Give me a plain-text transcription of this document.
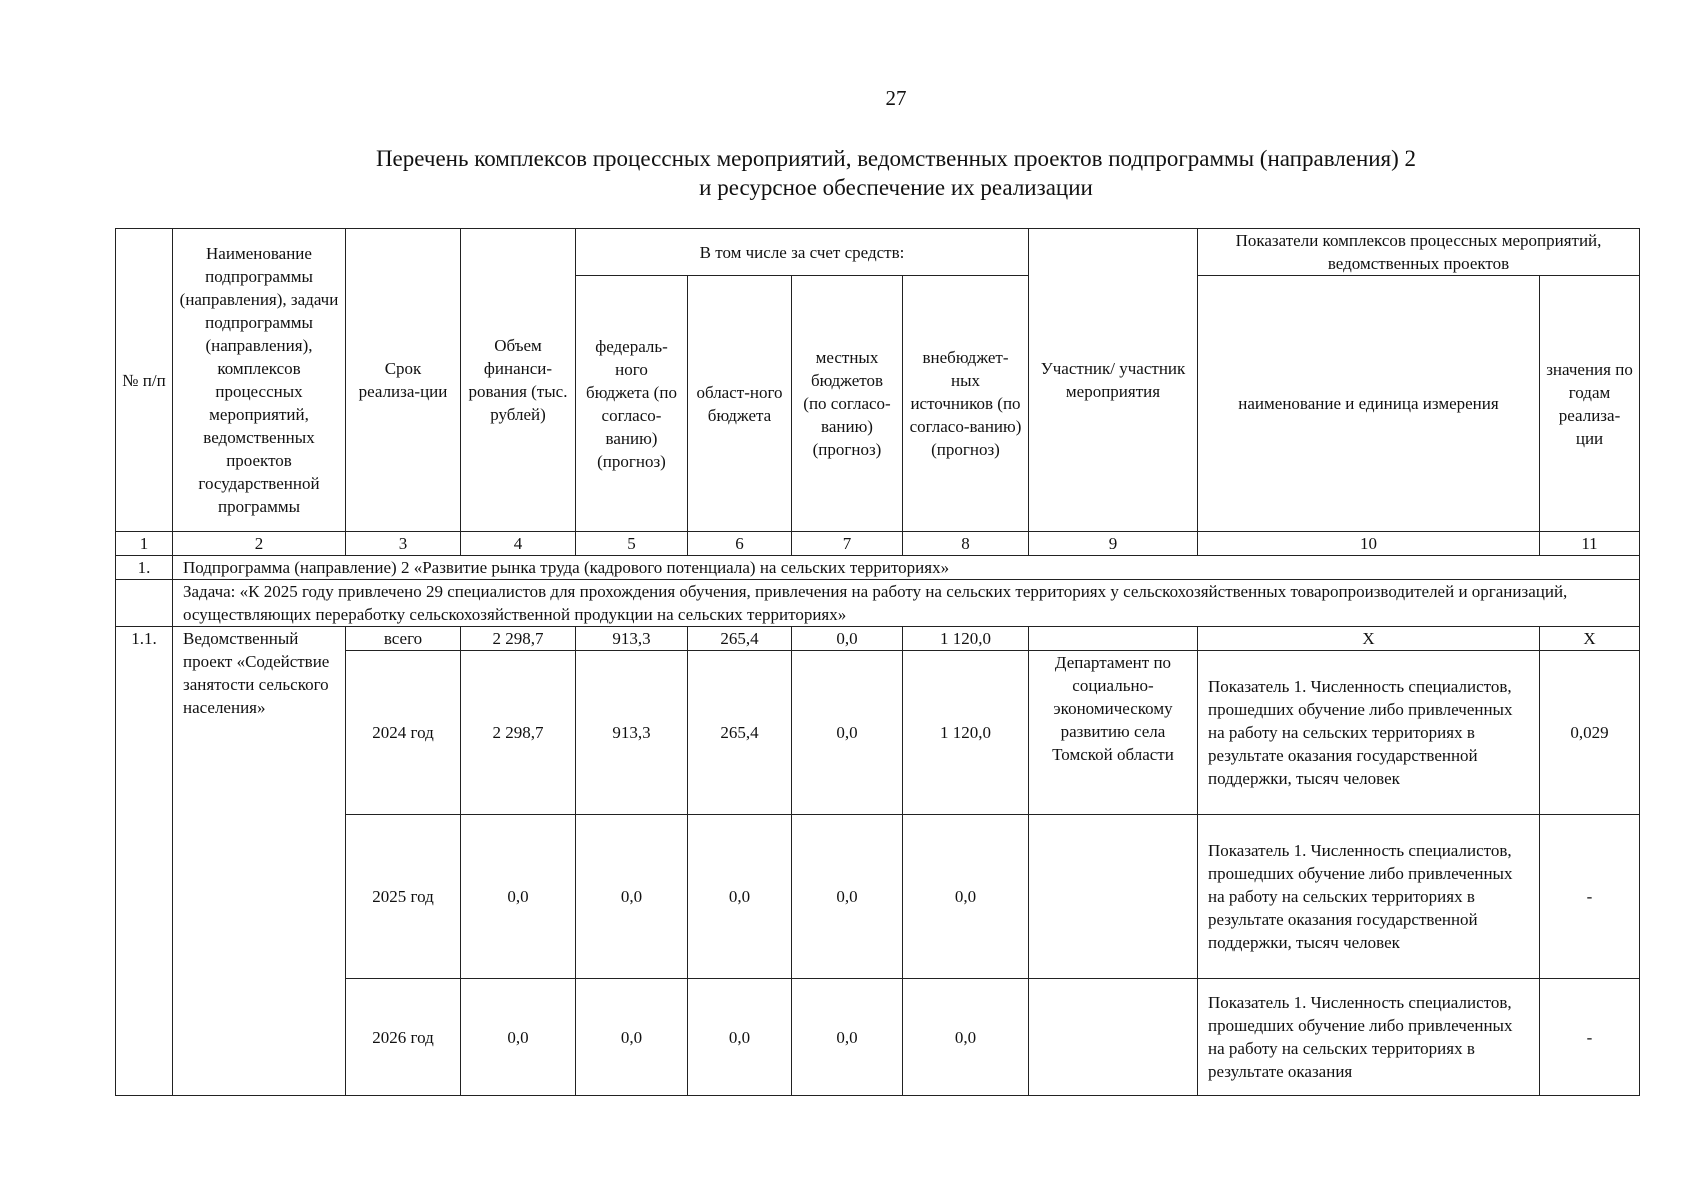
27
Перечень комплексов процессных мероприятий, ведомственных проектов подпрограммы (направления) 2
и ресурсное обеспечение их реализации
№ п/п	Наименование подпрограммы (направления), задачи подпрограммы (направления), комплексов процессных мероприятий, ведомственных проектов государственной программы	Срок реализа-ции	Объем финанси-рования (тыс. рублей)	В том числе за счет средств:				Участник/ участник мероприятия	Показатели комплексов процессных мероприятий, ведомственных проектов	
				федераль-ного бюджета (по согласо-ванию) (прогноз)	област-ного бюджета	местных бюджетов (по согласо-ванию) (прогноз)	внебюджет-ных источников (по согласо-ванию) (прогноз)		наименование и единица измерения	значения по годам реализа-ции
1	2	3	4	5	6	7	8	9	10	11
1.	Подпрограмма (направление) 2 «Развитие рынка труда (кадрового потенциала) на сельских территориях»									
	Задача: «К 2025 году привлечено 29 специалистов для прохождения обучения, привлечения на работу на сельских территориях у сельскохозяйственных товаропроизводителей и организаций, осуществляющих переработку сельскохозяйственной продукции на сельских территориях»									
1.1.	Ведомственный проект «Содействие занятости сельского населения»	всего	2 298,7	913,3	265,4	0,0	1 120,0		Х	Х
		2024 год	2 298,7	913,3	265,4	0,0	1 120,0	Департамент по социально-экономическому развитию села Томской области	Показатель 1. Численность специалистов, прошедших обучение либо привлеченных на работу на сельских территориях в результате оказания государственной поддержки, тысяч человек	0,029
		2025 год	0,0	0,0	0,0	0,0	0,0		Показатель 1. Численность специалистов, прошедших обучение либо привлеченных на работу на сельских территориях в результате оказания государственной поддержки, тысяч человек	-
		2026 год	0,0	0,0	0,0	0,0	0,0		Показатель 1. Численность специалистов, прошедших обучение либо привлеченных на работу на сельских территориях в результате оказания	-
